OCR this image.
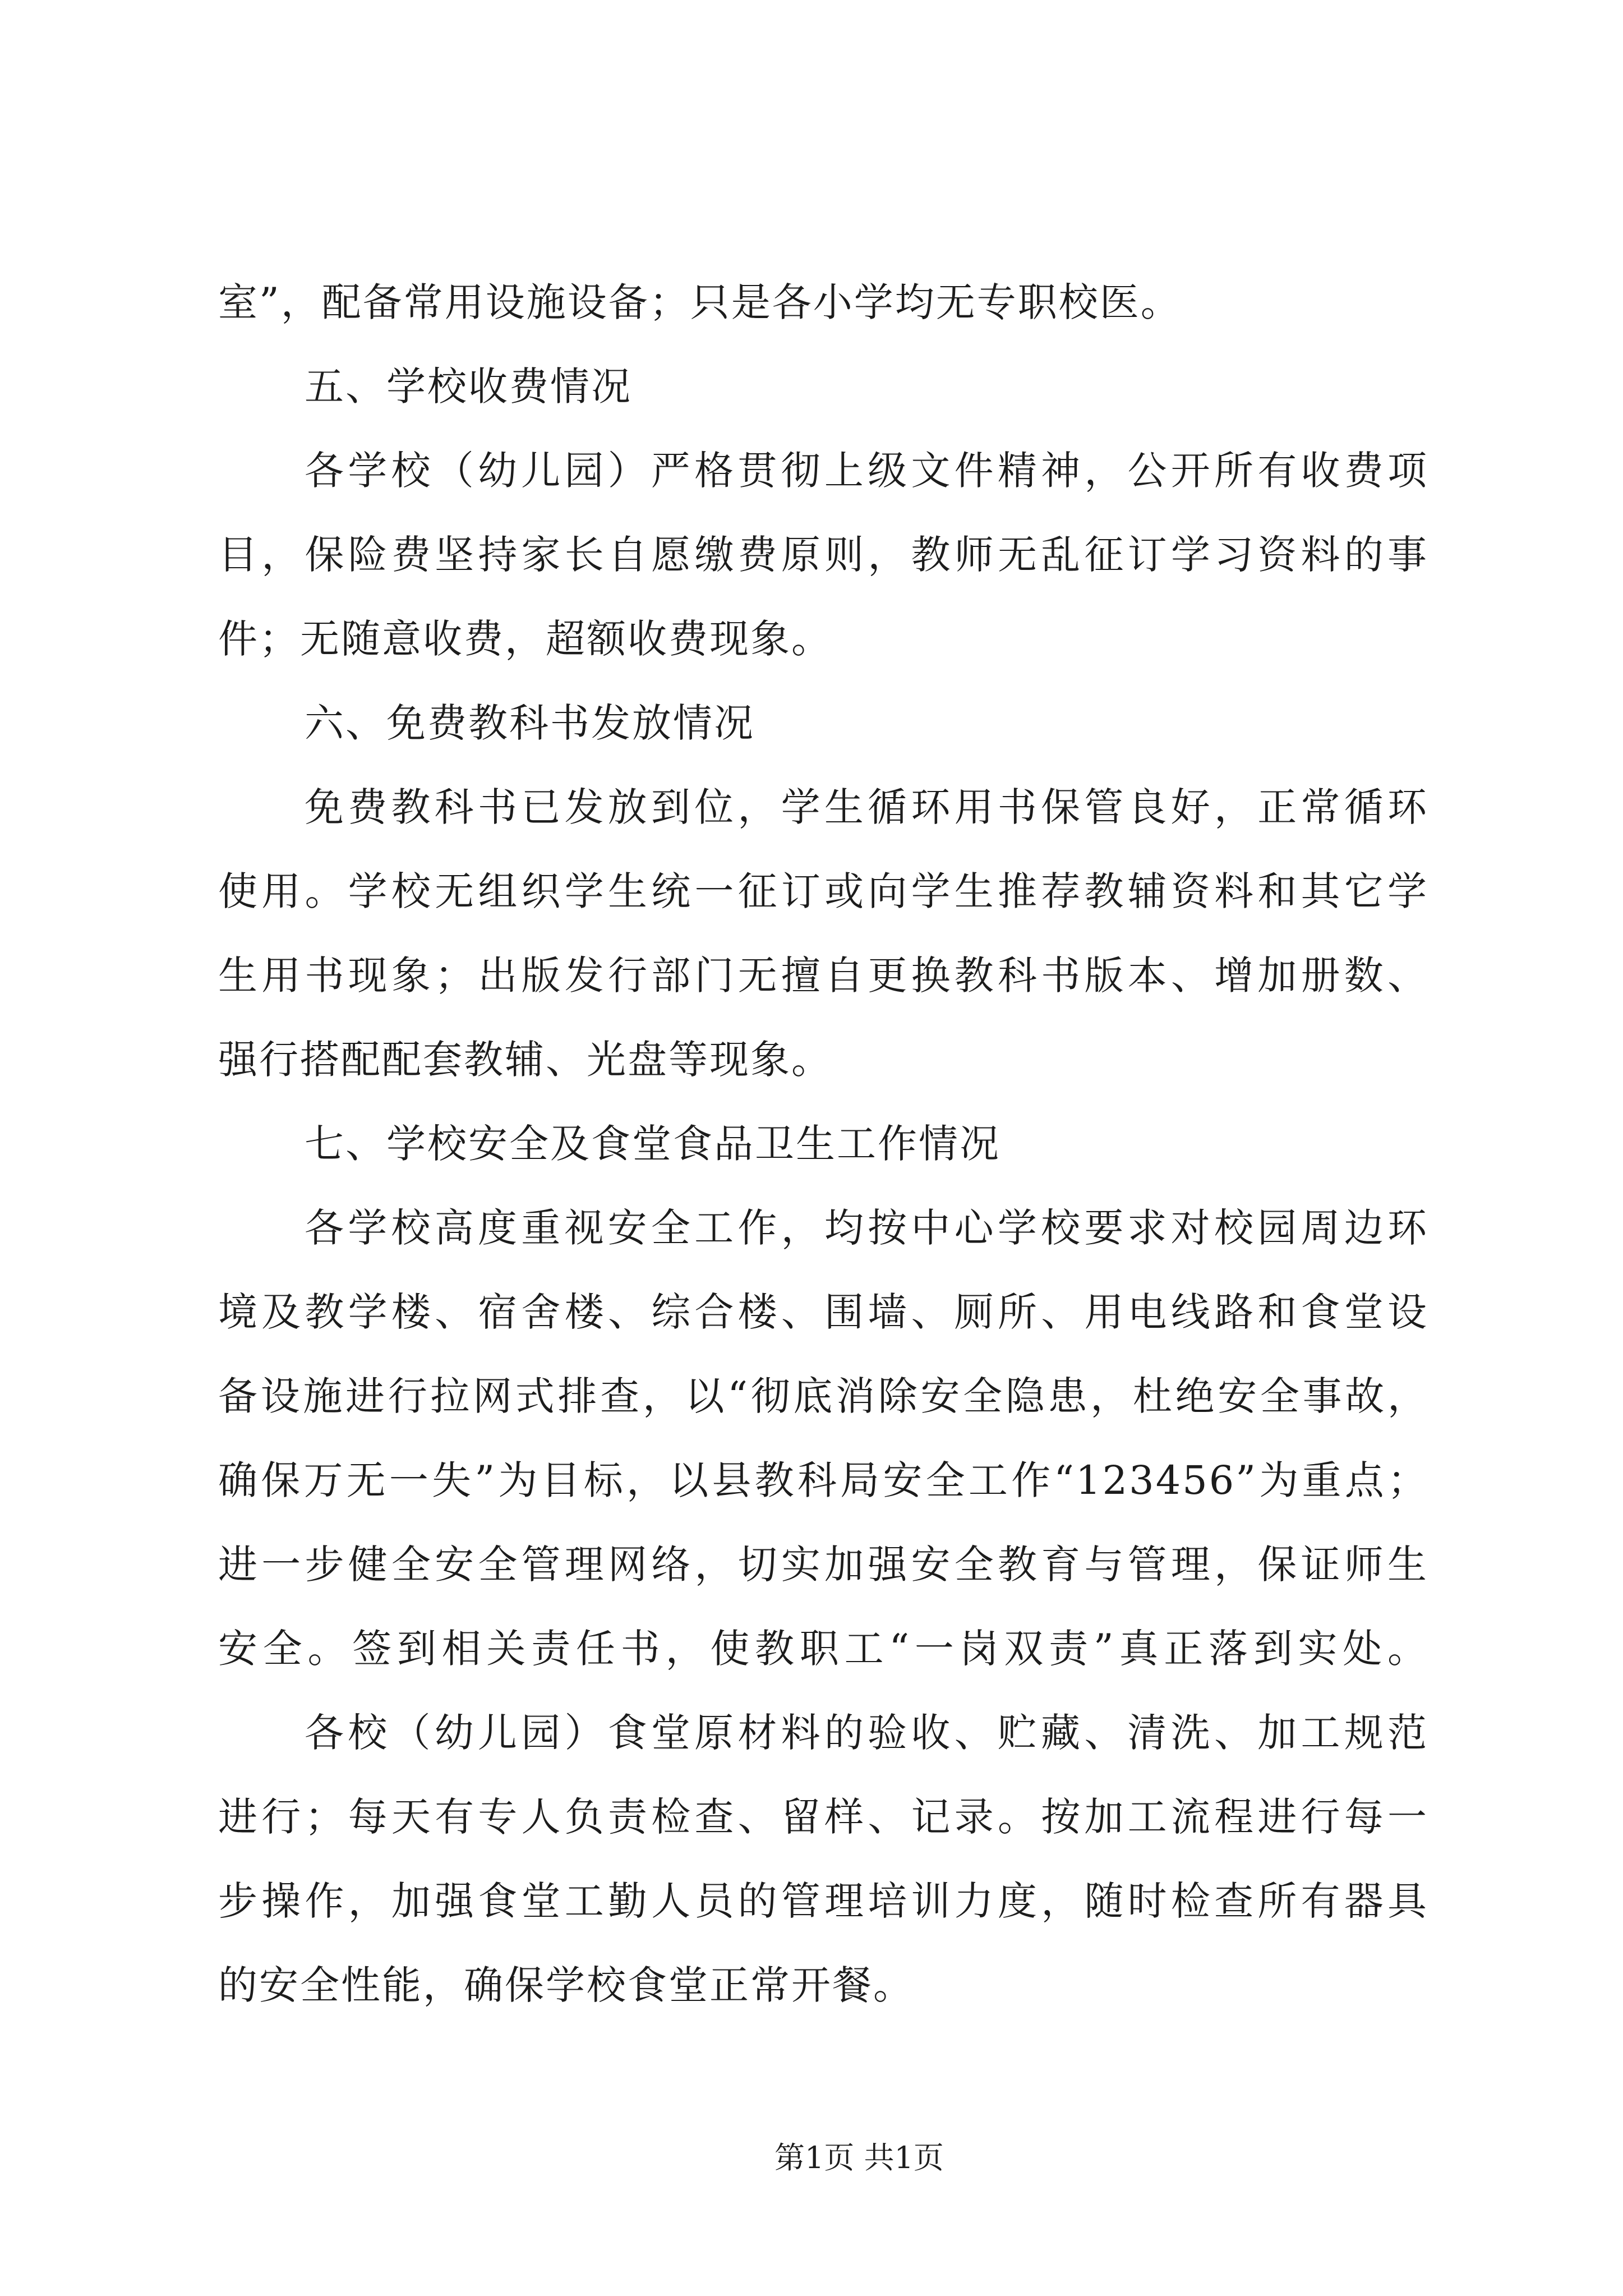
室”，配备常用设施设备；只是各小学均无专职校医。
五、学校收费情况
各学校（幼儿园）严格贯彻上级文件精神，公开所有收费项
目，保险费坚持家长自愿缴费原则，教师无乱征订学习资料的事
件；无随意收费，超额收费现象。
六、免费教科书发放情况
免费教科书已发放到位，学生循环用书保管良好，正常循环
使用。学校无组织学生统一征订或向学生推荐教辅资料和其它学
生用书现象；出版发行部门无擅自更换教科书版本、增加册数、
强行搭配配套教辅、光盘等现象。
七、学校安全及食堂食品卫生工作情况
各学校高度重视安全工作，均按中心学校要求对校园周边环
境及教学楼、宿舍楼、综合楼、围墙、厕所、用电线路和食堂设
备设施进行拉网式排查，以“彻底消除安全隐患，杜绝安全事故，
确保万无一失”为目标，以县教科局安全工作“123456”为重点；
进一步健全安全管理网络，切实加强安全教育与管理，保证师生
安全。签到相关责任书，使教职工“一岗双责”真正落到实处。
各校（幼儿园）食堂原材料的验收、贮藏、清洗、加工规范
进行；每天有专人负责检查、留样、记录。按加工流程进行每一
步操作，加强食堂工勤人员的管理培训力度，随时检查所有器具
的安全性能，确保学校食堂正常开餐。
第1页 共1页
